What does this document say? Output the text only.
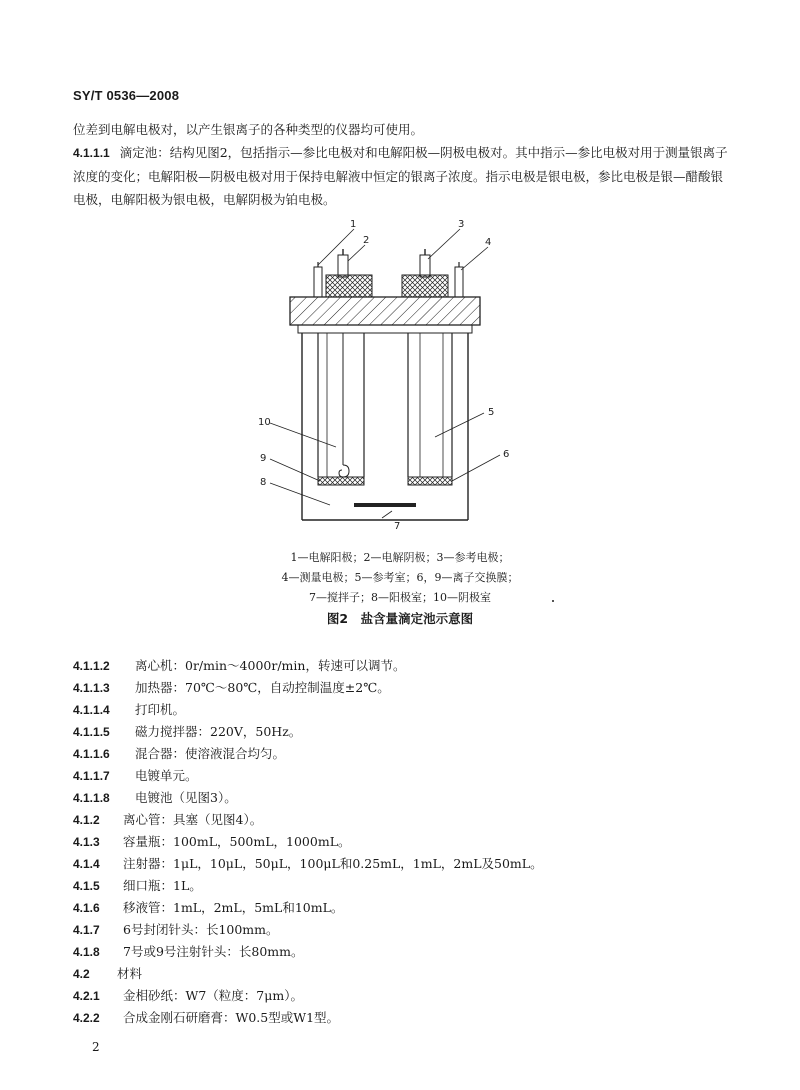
SY/T 0536—2008
位差到电解电极对，以产生银离子的各种类型的仪器均可使用。
4.1.1.1 滴定池：结构见图2，包括指示—参比电极对和电解阳极—阴极电极对。其中指示—参比电极对用于测量银离子浓度的变化；电解阳极—阴极电极对用于保持电解液中恒定的银离子浓度。指示电极是银电极，参比电极是银—醋酸银电极，电解阳极为银电极，电解阴极为铂电极。
1
2
3
4
5
6
7
8
9
10
1—电解阳极；2—电解阴极；3—参考电极；
4—测量电极；5—参考室；6，9—离子交换膜；
7—搅拌子；8—阳极室；10—阴极室
图2　盐含量滴定池示意图
4.1.1.2 离心机：0r/min～4000r/min，转速可以调节。
4.1.1.3 加热器：70℃～80℃，自动控制温度±2℃。
4.1.1.4 打印机。
4.1.1.5 磁力搅拌器：220V，50Hz。
4.1.1.6 混合器：使溶液混合均匀。
4.1.1.7 电镀单元。
4.1.1.8 电镀池（见图3）。
4.1.2 离心管：具塞（见图4）。
4.1.3 容量瓶：100mL，500mL，1000mL。
4.1.4 注射器：1μL，10μL，50μL，100μL和0.25mL，1mL，2mL及50mL。
4.1.5 细口瓶：1L。
4.1.6 移液管：1mL，2mL，5mL和10mL。
4.1.7 6号封闭针头：长100mm。
4.1.8 7号或9号注射针头：长80mm。
4.2 材料
4.2.1 金相砂纸：W7（粒度：7μm）。
4.2.2 合成金刚石研磨膏：W0.5型或W1型。
2
